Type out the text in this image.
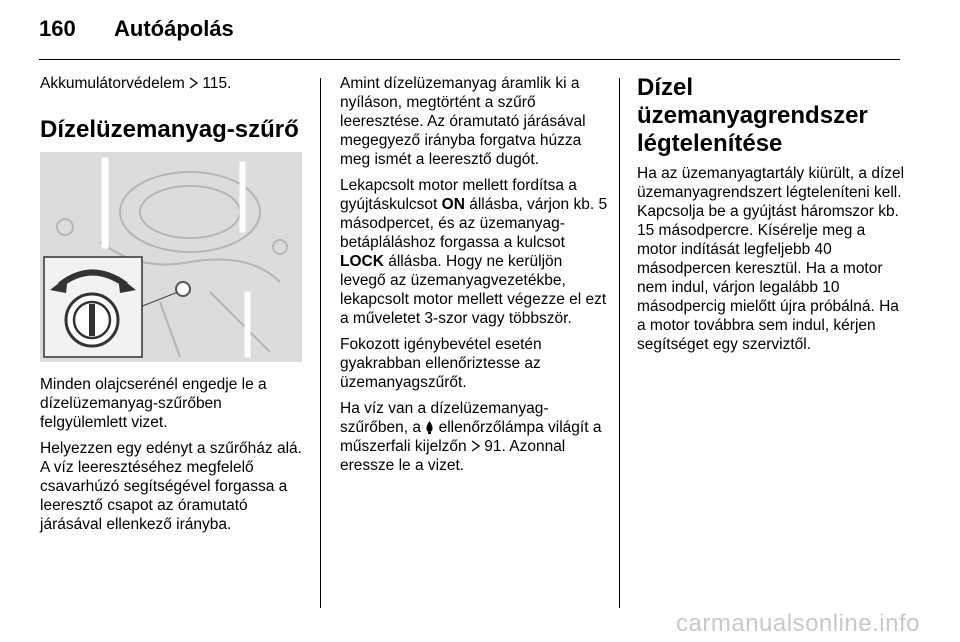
160 Autóápolás

Akkumulátorvédelem  115.

Dízelüzemanyag-szűrő

Minden olajcserénél engedje le a dízelüzemanyag-szűrőben felgyülemlett vizet.

Helyezzen egy edényt a szűrőház alá. A víz leeresztéséhez megfelelő csavarhúzó segítségével forgassa a leeresztő csapot az óramutató járásával ellenkező irányba.

Amint dízelüzemanyag áramlik ki a nyíláson, megtörtént a szűrő leeresztése. Az óramutató járásával megegyező irányba forgatva húzza meg ismét a leeresztő dugót.

Lekapcsolt motor mellett fordítsa a gyújtáskulcsot ON állásba, várjon kb. 5 másodpercet, és az üzemanyag-betápláláshoz forgassa a kulcsot LOCK állásba. Hogy ne kerüljön levegő az üzemanyagvezetékbe, lekapcsolt motor mellett végezze el ezt a műveletet 3-szor vagy többször.

Fokozott igénybevétel esetén gyakrabban ellenőriztesse az üzemanyagszűrőt.

Ha víz van a dízelüzemanyag-szűrőben, a  ellenőrzőlámpa világít a műszerfali kijelzőn  91. Azonnal eressze le a vizet.

Dízel üzemanyagrendszer légtelenítése

Ha az üzemanyagtartály kiürült, a dízel üzemanyagrendszert légteleníteni kell. Kapcsolja be a gyújtást háromszor kb. 15 másodpercre. Kísérelje meg a motor indítását legfeljebb 40 másodpercen keresztül. Ha a motor nem indul, várjon legalább 10 másodpercig mielőtt újra próbálná. Ha a motor továbbra sem indul, kérjen segítséget egy szerviztől.

carmanualsonline.info
